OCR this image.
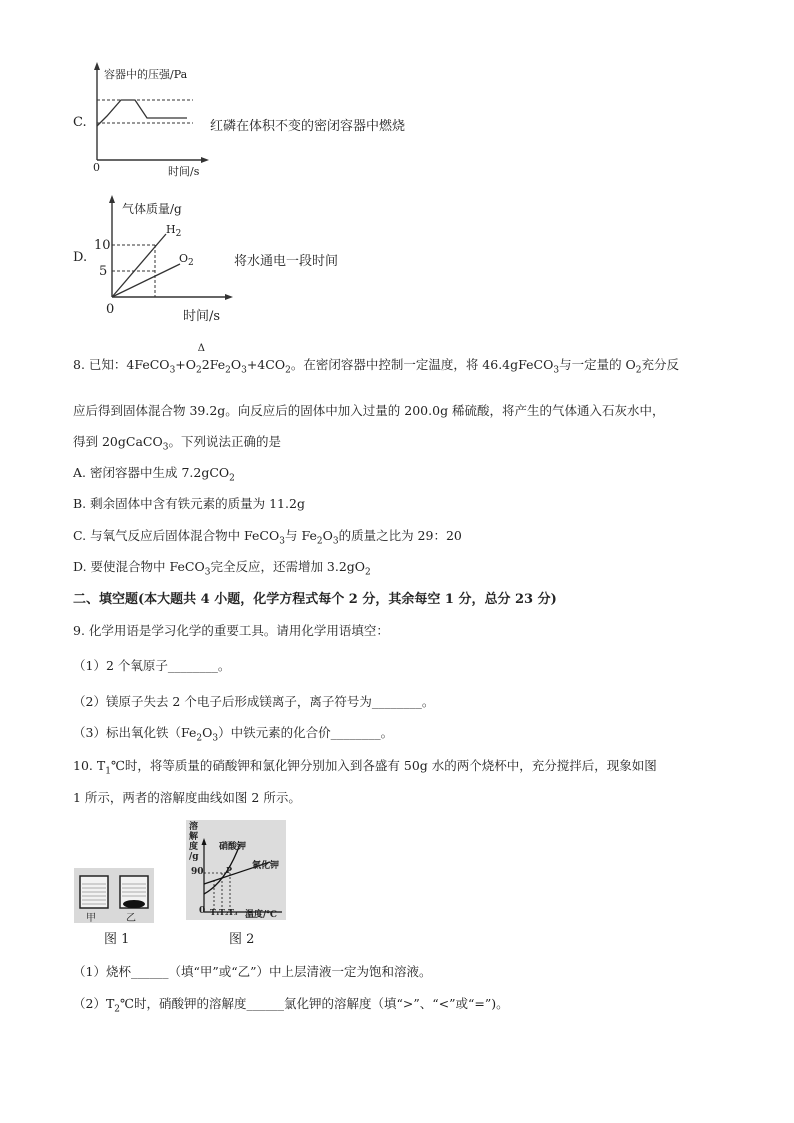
C.
容器中的压强/Pa
0	时间/s
红磷在体积不变的密闭容器中燃烧
D.
气体质量/g
10
5
0
$H_2$
$O_2$
时间/s
将水通电一段时间
8. 已知：$4FeCO_3+O_2$
Δ
$2Fe_2O_3+4CO_2$。在密闭容器中控制一定温度，将 46.4gFeCO$_3$与一定量的 $O_2$充分反
应后得到固体混合物 39.2g。向反应后的固体中加入过量的 200.0g 稀硫酸，将产生的气体通入石灰水中，
得到 20gCaCO$_3$。下列说法正确的是
A. 密闭容器中生成 7.2gCO$_2$
B. 剩余固体中含有铁元素的质量为 11.2g
C. 与氧气反应后固体混合物中 FeCO$_3$与 $Fe_2O_3$的质量之比为 29：20
D. 要使混合物中 FeCO$_3$完全反应，还需增加 $3.2gO_2$
二、填空题(本大题共 4 小题，化学方程式每个 2 分，其余每空 1 分，总分 23 分)
9. 化学用语是学习化学的重要工具。请用化学用语填空：
（1）2 个氧原子________。
（2）镁原子失去 2 个电子后形成镁离子，离子符号为________。
（3）标出氧化铁$(Fe_2O_3)$中铁元素的化合价________。
10. $T_1℃$时，将等质量的硝酸钾和氯化钾分别加入到各盛有 50g 水的两个烧杯中，充分搅拌后，现象如图
1 所示，两者的溶解度曲线如图 2 所示。
甲	乙
图 1
溶
解
度
/g
90
硝酸钾
氯化钾
P
0 T₁ T₂ T₃ 温度/℃
图 2
（1）烧杯______（填“甲”或“乙”）中上层清液一定为饱和溶液。
$(2)T_2℃$时，硝酸钾的溶解度______氯化钾的溶解度（填“>”、“<”或“=”)。
